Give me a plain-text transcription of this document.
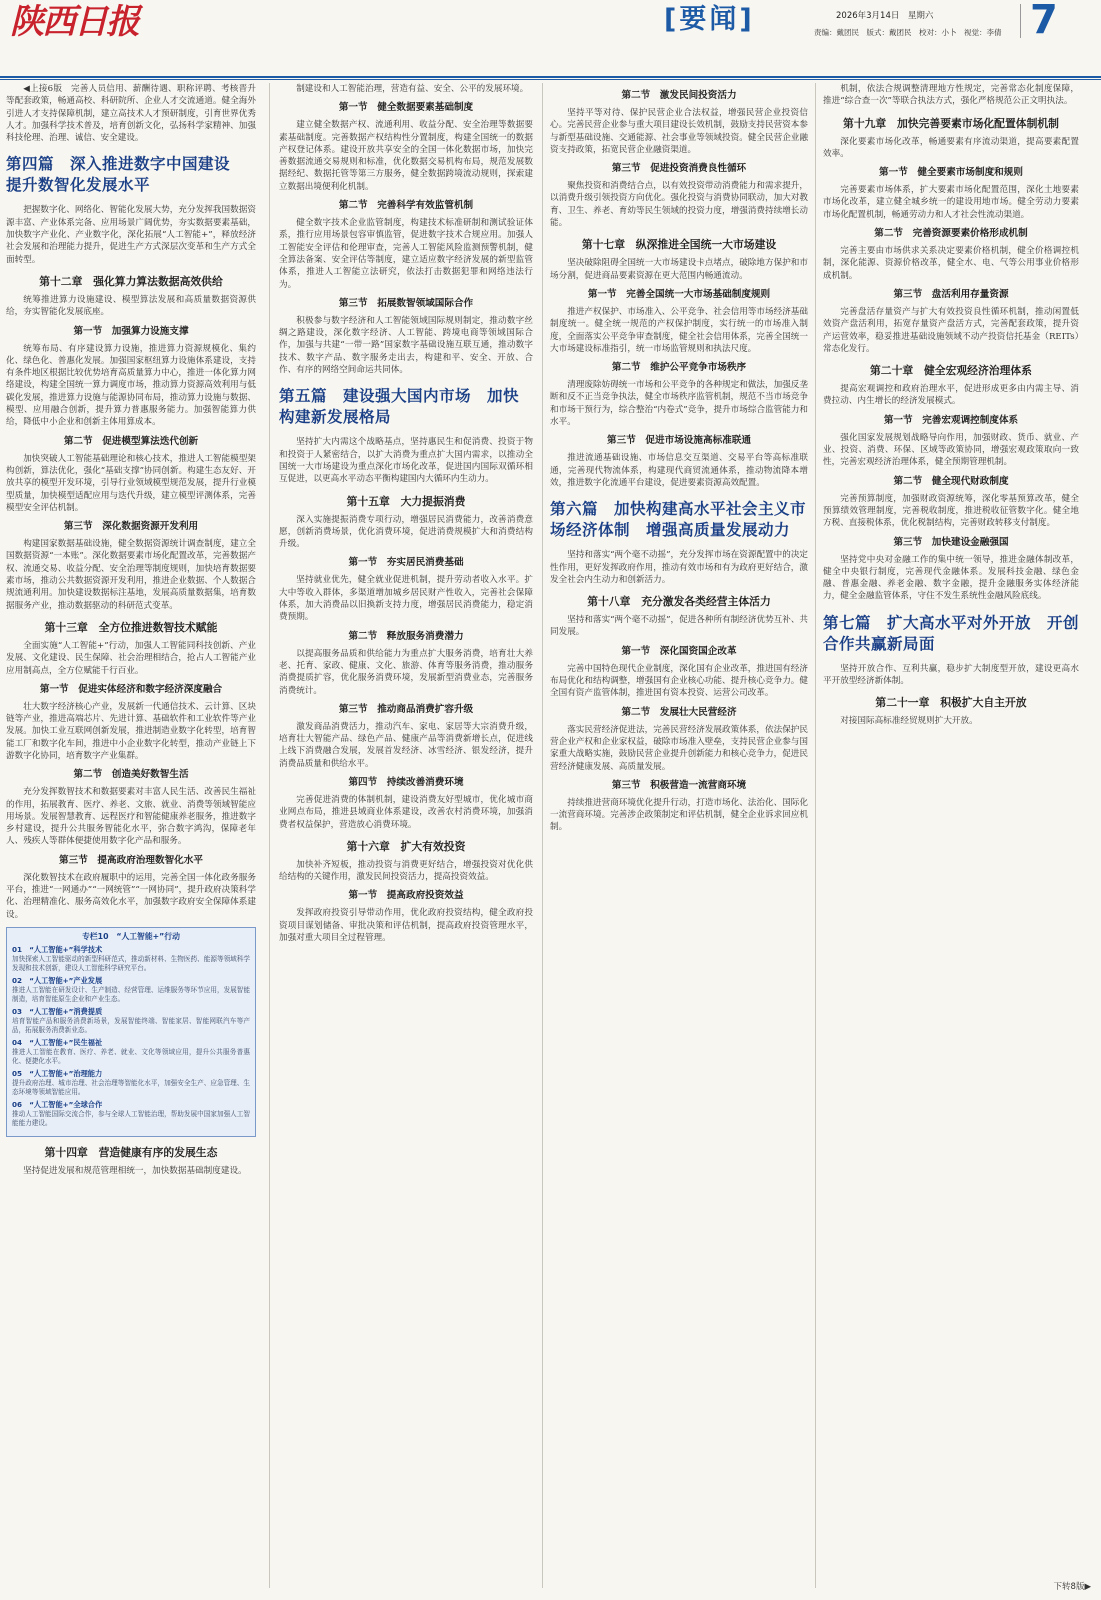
陕西日报	[要闻]	2026年3月14日　星期六
责编：戴团民　版式：戴团民　校对：小卜　视觉：李倩 7

◀上接6版　完善人员信用、薪酬待遇、职称评聘、考核晋升等配套政策，畅通高校、科研院所、企业人才交流通道。健全海外引进人才支持保障机制，建立高技术人才预研制度，引育世界优秀人才。加强科学技术普及，培育创新文化，弘扬科学家精神、加强科技伦理、治理、诚信、安全建设。

第四篇　深入推进数字中国建设　提升数智化发展水平

把握数字化、网络化、智能化发展大势，充分发挥我国数据资源丰富、产业体系完备、应用场景广阔优势，夯实数据要素基础，加快数字产业化、产业数字化，深化拓展“人工智能+”，释放经济社会发展和治理能力提升，促进生产方式深层次变革和生产方式全面转型。

第十二章　强化算力算法数据高效供给

统筹推进算力设施建设、模型算法发展和高质量数据资源供给，夯实智能化发展底座。

第一节　加强算力设施支撑

统筹布局、有序建设算力设施，推进算力资源规模化、集约化、绿色化、普惠化发展。加强国家枢纽算力设施体系建设，支持有条件地区根据比较优势培育高质量算力中心，推进一体化算力网络建设，构建全国统一算力调度市场，推动算力资源高效利用与低碳化发展，推进算力设施与能源协同布局，推动算力设施与数据、模型、应用融合创新，提升算力普惠服务能力。加强智能算力供给，降低中小企业和创新主体用算成本。

第二节　促进模型算法迭代创新

加快突破人工智能基础理论和核心技术，推进人工智能模型架构创新，算法优化，强化“基础支撑”协同创新。构建生态友好、开放共享的模型开发环境，引导行业领域模型规范发展，提升行业模型质量，加快模型适配应用与迭代升级，建立模型评测体系，完善模型安全评估机制。

第三节　深化数据资源开发利用

构建国家数据基础设施，健全数据资源统计调查制度，建立全国数据资源“一本账”。深化数据要素市场化配置改革，完善数据产权、流通交易、收益分配、安全治理等制度规则，加快培育数据要素市场，推动公共数据资源开发利用，推进企业数据、个人数据合规流通利用。加快建设数据标注基地，发展高质量数据集，培育数据服务产业，推动数据驱动的科研范式变革。

第十三章　全方位推进数智技术赋能

全面实施“人工智能+”行动，加强人工智能同科技创新、产业发展、文化建设、民生保障、社会治理相结合，抢占人工智能产业应用制高点，全方位赋能千行百业。

第一节　促进实体经济和数字经济深度融合

壮大数字经济核心产业，发展新一代通信技术、云计算、区块链等产业，推进高端芯片、先进计算、基础软件和工业软件等产业发展。加快工业互联网创新发展，推进制造业数字化转型，培育智能工厂和数字化车间，推进中小企业数字化转型，推动产业链上下游数字化协同，培育数字产业集群。

第二节　创造美好数智生活

充分发挥数智技术和数据要素对丰富人民生活、改善民生福祉的作用，拓展教育、医疗、养老、文旅、就业、消费等领域智能应用场景。发展智慧教育、远程医疗和智能健康养老服务，推进数字乡村建设，提升公共服务智能化水平，弥合数字鸿沟，保障老年人、残疾人等群体便捷使用数字化产品和服务。

第三节　提高政府治理数智化水平

深化数智技术在政府履职中的运用，完善全国一体化政务服务平台，推进“一网通办”“一网统管”“一网协同”，提升政府决策科学化、治理精准化、服务高效化水平，加强数字政府安全保障体系建设。

专栏10　“人工智能+”行动
01　“人工智能+”科学技术
加快探索人工智能驱动的新型科研范式，推动新材料、生物医药、能源等领域科学发现和技术创新，建设人工智能科学研究平台。
02　“人工智能+”产业发展
推进人工智能在研发设计、生产制造、经营管理、运维服务等环节应用，发展智能制造，培育智能原生企业和产业生态。
03　“人工智能+”消费提质
培育智能产品和服务消费新场景，发展智能终端、智能家居、智能网联汽车等产品，拓展服务消费新业态。
04　“人工智能+”民生福祉
推进人工智能在教育、医疗、养老、就业、文化等领域应用，提升公共服务普惠化、便捷化水平。
05　“人工智能+”治理能力
提升政府治理、城市治理、社会治理等智能化水平，加强安全生产、应急管理、生态环境等领域智能应用。
06　“人工智能+”全球合作
推动人工智能国际交流合作，参与全球人工智能治理，帮助发展中国家加强人工智能能力建设。
第十四章　营造健康有序的发展生态

坚持促进发展和规范管理相统一，加快数据基础制度建设。

制建设和人工智能治理，营造有益、安全、公平的发展环境。

第一节　健全数据要素基础制度

建立健全数据产权、流通利用、收益分配、安全治理等数据要素基础制度。完善数据产权结构性分置制度，构建全国统一的数据产权登记体系。建设开放共享安全的全国一体化数据市场，加快完善数据流通交易规则和标准，优化数据交易机构布局，规范发展数据经纪、数据托管等第三方服务，健全数据跨境流动规则，探索建立数据出境便利化机制。

第二节　完善科学有效监管机制

健全数字技术企业监管制度，构建技术标准研制和测试验证体系，推行应用场景包容审慎监管，促进数字技术合规应用。加强人工智能安全评估和伦理审查，完善人工智能风险监测预警机制，健全算法备案、安全评估等制度，建立适应数字经济发展的新型监管体系，推进人工智能立法研究，依法打击数据犯罪和网络违法行为。

第三节　拓展数智领域国际合作

积极参与数字经济和人工智能领域国际规则制定，推动数字丝绸之路建设，深化数字经济、人工智能、跨境电商等领域国际合作，加强与共建“一带一路”国家数字基础设施互联互通，推动数字技术、数字产品、数字服务走出去，构建和平、安全、开放、合作、有序的网络空间命运共同体。

第五篇　建设强大国内市场　加快构建新发展格局

坚持扩大内需这个战略基点，坚持惠民生和促消费、投资于物和投资于人紧密结合，以扩大消费为重点扩大国内需求，以推动全国统一大市场建设为重点深化市场化改革，促进国内国际双循环相互促进，以更高水平动态平衡构建国内大循环内生动力。

第十五章　大力提振消费

深入实施提振消费专项行动，增强居民消费能力，改善消费意愿，创新消费场景，优化消费环境，促进消费规模扩大和消费结构升级。

第一节　夯实居民消费基础

坚持就业优先，健全就业促进机制，提升劳动者收入水平。扩大中等收入群体，多渠道增加城乡居民财产性收入，完善社会保障体系，加大消费品以旧换新支持力度，增强居民消费能力，稳定消费预期。

第二节　释放服务消费潜力

以提高服务品质和供给能力为重点扩大服务消费，培育壮大养老、托育、家政、健康、文化、旅游、体育等服务消费，推动服务消费提质扩容，优化服务消费环境，发展新型消费业态，完善服务消费统计。

第三节　推动商品消费扩容升级

激发商品消费活力，推动汽车、家电、家居等大宗消费升级，培育壮大智能产品、绿色产品、健康产品等消费新增长点，促进线上线下消费融合发展，发展首发经济、冰雪经济、银发经济，提升消费品质量和供给水平。

第四节　持续改善消费环境

完善促进消费的体制机制，建设消费友好型城市，优化城市商业网点布局，推进县域商业体系建设，改善农村消费环境，加强消费者权益保护，营造放心消费环境。

第十六章　扩大有效投资

加快补齐短板，推动投资与消费更好结合，增强投资对优化供给结构的关键作用，激发民间投资活力，提高投资效益。

第一节　提高政府投资效益

发挥政府投资引导带动作用，优化政府投资结构，健全政府投资项目谋划储备、审批决策和评估机制，提高政府投资管理水平，加强对重大项目全过程管理。

第二节　激发民间投资活力

坚持平等对待、保护民营企业合法权益，增强民营企业投资信心。完善民营企业参与重大项目建设长效机制，鼓励支持民营资本参与新型基础设施、交通能源、社会事业等领域投资。健全民营企业融资支持政策，拓宽民营企业融资渠道。

第三节　促进投资消费良性循环

聚焦投资和消费结合点，以有效投资带动消费能力和需求提升，以消费升级引领投资方向优化。强化投资与消费协同联动，加大对教育、卫生、养老、育幼等民生领域的投资力度，增强消费持续增长动能。

第十七章　纵深推进全国统一大市场建设

坚决破除阻碍全国统一大市场建设卡点堵点，破除地方保护和市场分割，促进商品要素资源在更大范围内畅通流动。

第一节　完善全国统一大市场基础制度规则

推进产权保护、市场准入、公平竞争、社会信用等市场经济基础制度统一。健全统一规范的产权保护制度，实行统一的市场准入制度，全面落实公平竞争审查制度，健全社会信用体系，完善全国统一大市场建设标准指引，统一市场监管规则和执法尺度。

第二节　维护公平竞争市场秩序

清理废除妨碍统一市场和公平竞争的各种规定和做法，加强反垄断和反不正当竞争执法，健全市场秩序监管机制，规范不当市场竞争和市场干预行为，综合整治“内卷式”竞争，提升市场综合监管能力和水平。

第三节　促进市场设施高标准联通

推进流通基础设施、市场信息交互渠道、交易平台等高标准联通，完善现代物流体系，构建现代商贸流通体系，推动物流降本增效，推进数字化流通平台建设，促进要素资源高效配置。

第六篇　加快构建高水平社会主义市场经济体制　增强高质量发展动力

坚持和落实“两个毫不动摇”，充分发挥市场在资源配置中的决定性作用，更好发挥政府作用，推动有效市场和有为政府更好结合，激发全社会内生动力和创新活力。

第十八章　充分激发各类经营主体活力

坚持和落实“两个毫不动摇”，促进各种所有制经济优势互补、共同发展。

第一节　深化国资国企改革

完善中国特色现代企业制度，深化国有企业改革，推进国有经济布局优化和结构调整，增强国有企业核心功能、提升核心竞争力。健全国有资产监管体制，推进国有资本投资、运营公司改革。

第二节　发展壮大民营经济

落实民营经济促进法，完善民营经济发展政策体系，依法保护民营企业产权和企业家权益，破除市场准入壁垒，支持民营企业参与国家重大战略实施，鼓励民营企业提升创新能力和核心竞争力，促进民营经济健康发展、高质量发展。

第三节　积极营造一流营商环境

持续推进营商环境优化提升行动，打造市场化、法治化、国际化一流营商环境。完善涉企政策制定和评估机制，健全企业诉求回应机制。

机制，依法合规调整清理地方性规定，完善常态化制度保障，推进“综合查一次”等联合执法方式，强化严格规范公正文明执法。

第十九章　加快完善要素市场化配置体制机制

深化要素市场化改革，畅通要素有序流动渠道，提高要素配置效率。

第一节　健全要素市场制度和规则

完善要素市场体系，扩大要素市场化配置范围，深化土地要素市场化改革，建立健全城乡统一的建设用地市场。健全劳动力要素市场化配置机制，畅通劳动力和人才社会性流动渠道。

第二节　完善资源要素价格形成机制

完善主要由市场供求关系决定要素价格机制，健全价格调控机制，深化能源、资源价格改革，健全水、电、气等公用事业价格形成机制。

第三节　盘活利用存量资源

完善盘活存量资产与扩大有效投资良性循环机制，推动闲置低效资产盘活利用，拓宽存量资产盘活方式，完善配套政策，提升资产运营效率，稳妥推进基础设施领域不动产投资信托基金（REITs）常态化发行。

第二十章　健全宏观经济治理体系

提高宏观调控和政府治理水平，促进形成更多由内需主导、消费拉动、内生增长的经济发展模式。

第一节　完善宏观调控制度体系

强化国家发展规划战略导向作用，加强财政、货币、就业、产业、投资、消费、环保、区域等政策协同，增强宏观政策取向一致性，完善宏观经济治理体系，健全预期管理机制。

第二节　健全现代财政制度

完善预算制度，加强财政资源统筹，深化零基预算改革，健全预算绩效管理制度，完善税收制度，推进税收征管数字化。健全地方税、直接税体系，优化税制结构，完善财政转移支付制度。

第三节　加快建设金融强国

坚持党中央对金融工作的集中统一领导，推进金融体制改革，健全中央银行制度，完善现代金融体系。发展科技金融、绿色金融、普惠金融、养老金融、数字金融，提升金融服务实体经济能力，健全金融监管体系，守住不发生系统性金融风险底线。

第七篇　扩大高水平对外开放　开创合作共赢新局面

坚持开放合作、互利共赢，稳步扩大制度型开放，建设更高水平开放型经济新体制。

第二十一章　积极扩大自主开放

对接国际高标准经贸规则扩大开放。

下转8版▶
